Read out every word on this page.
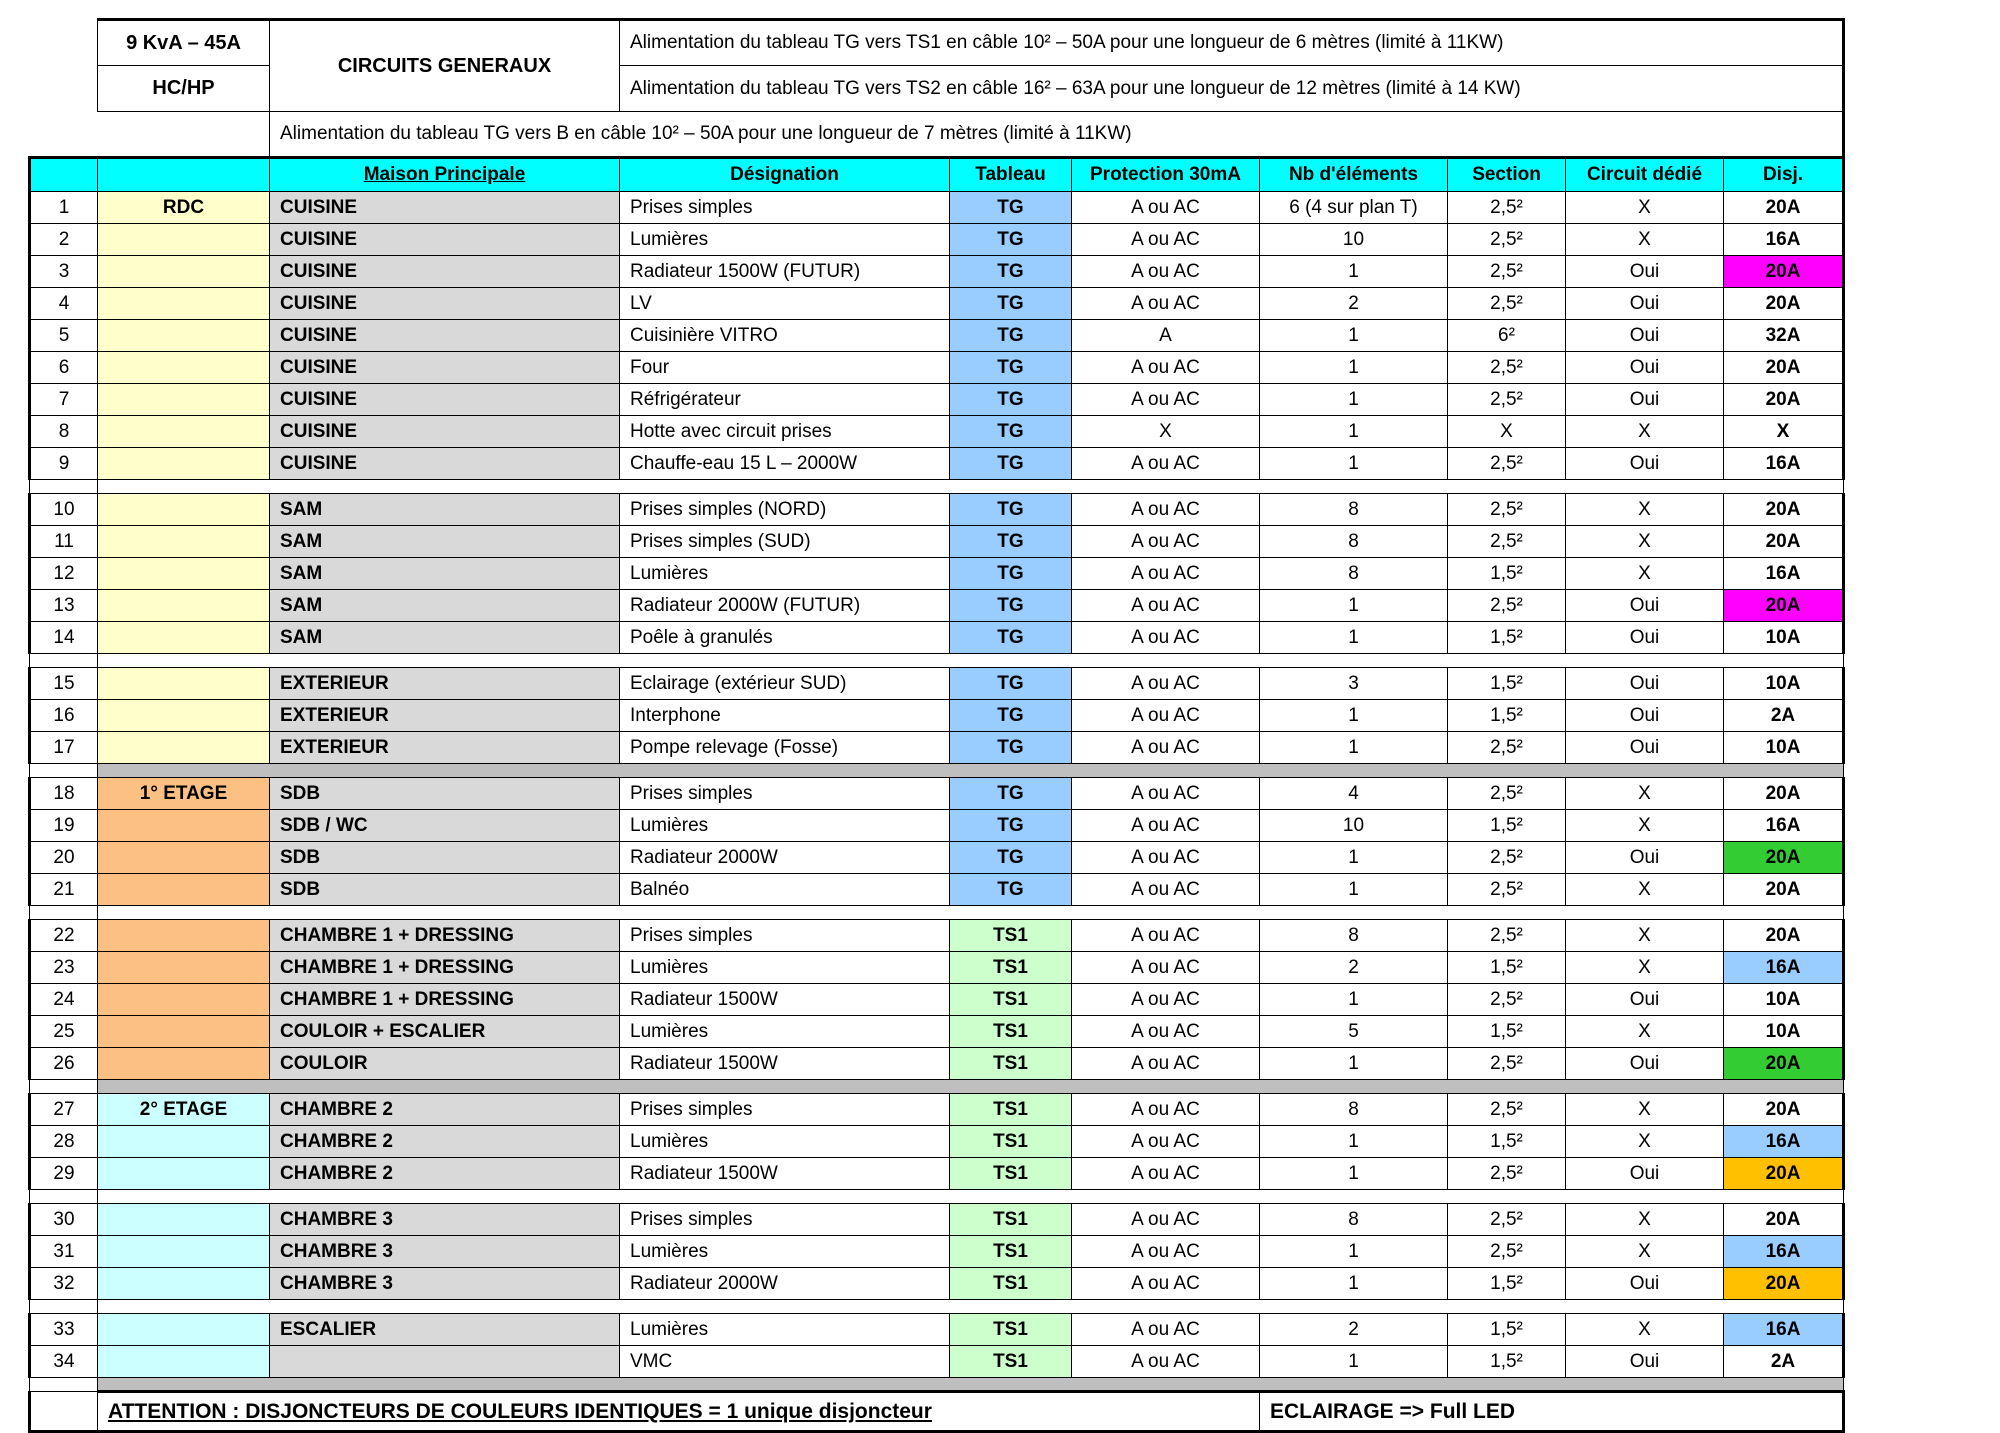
	9 KvA – 45A	CIRCUITS GENERAUX	Alimentation du tableau TG vers TS1 en câble 10² – 50A pour une longueur de 6 mètres (limité à 11KW)						
	HC/HP		Alimentation du tableau TG vers TS2 en câble 16² – 63A pour une longueur de 12 mètres (limité à 14 KW)						
		Alimentation du tableau TG vers B en câble 10² – 50A pour une longueur de 7 mètres (limité à 11KW)							
		Maison Principale	Désignation	Tableau	Protection 30mA	Nb d'éléments	Section	Circuit dédié	Disj.
1	RDC	CUISINE	Prises simples	TG	A ou AC	6 (4 sur plan T)	2,5²	X	20A
2		CUISINE	Lumières	TG	A ou AC	10	2,5²	X	16A
3		CUISINE	Radiateur 1500W (FUTUR)	TG	A ou AC	1	2,5²	Oui	20A
4		CUISINE	LV	TG	A ou AC	2	2,5²	Oui	20A
5		CUISINE	Cuisinière VITRO	TG	A	1	6²	Oui	32A
6		CUISINE	Four	TG	A ou AC	1	2,5²	Oui	20A
7		CUISINE	Réfrigérateur	TG	A ou AC	1	2,5²	Oui	20A
8		CUISINE	Hotte avec circuit prises	TG	X	1	X	X	X
9		CUISINE	Chauffe-eau 15 L – 2000W	TG	A ou AC	1	2,5²	Oui	16A

10		SAM	Prises simples (NORD)	TG	A ou AC	8	2,5²	X	20A
11		SAM	Prises simples (SUD)	TG	A ou AC	8	2,5²	X	20A
12		SAM	Lumières	TG	A ou AC	8	1,5²	X	16A
13		SAM	Radiateur 2000W (FUTUR)	TG	A ou AC	1	2,5²	Oui	20A
14		SAM	Poêle à granulés	TG	A ou AC	1	1,5²	Oui	10A

15		EXTERIEUR	Eclairage (extérieur SUD)	TG	A ou AC	3	1,5²	Oui	10A
16		EXTERIEUR	Interphone	TG	A ou AC	1	1,5²	Oui	2A
17		EXTERIEUR	Pompe relevage (Fosse)	TG	A ou AC	1	2,5²	Oui	10A

18	1° ETAGE	SDB	Prises simples	TG	A ou AC	4	2,5²	X	20A
19		SDB / WC	Lumières	TG	A ou AC	10	1,5²	X	16A
20		SDB	Radiateur 2000W	TG	A ou AC	1	2,5²	Oui	20A
21		SDB	Balnéo	TG	A ou AC	1	2,5²	X	20A

22		CHAMBRE 1 + DRESSING	Prises simples	TS1	A ou AC	8	2,5²	X	20A
23		CHAMBRE 1 + DRESSING	Lumières	TS1	A ou AC	2	1,5²	X	16A
24		CHAMBRE 1 + DRESSING	Radiateur 1500W	TS1	A ou AC	1	2,5²	Oui	10A
25		COULOIR + ESCALIER	Lumières	TS1	A ou AC	5	1,5²	X	10A
26		COULOIR	Radiateur 1500W	TS1	A ou AC	1	2,5²	Oui	20A

27	2° ETAGE	CHAMBRE 2	Prises simples	TS1	A ou AC	8	2,5²	X	20A
28		CHAMBRE 2	Lumières	TS1	A ou AC	1	1,5²	X	16A
29		CHAMBRE 2	Radiateur 1500W	TS1	A ou AC	1	2,5²	Oui	20A

30		CHAMBRE 3	Prises simples	TS1	A ou AC	8	2,5²	X	20A
31		CHAMBRE 3	Lumières	TS1	A ou AC	1	2,5²	X	16A
32		CHAMBRE 3	Radiateur 2000W	TS1	A ou AC	1	1,5²	Oui	20A

33		ESCALIER	Lumières	TS1	A ou AC	2	1,5²	X	16A
34			VMC	TS1	A ou AC	1	1,5²	Oui	2A

	ATTENTION : DISJONCTEURS DE COULEURS IDENTIQUES = 1 unique disjoncteur					ECLAIRAGE => Full LED			
